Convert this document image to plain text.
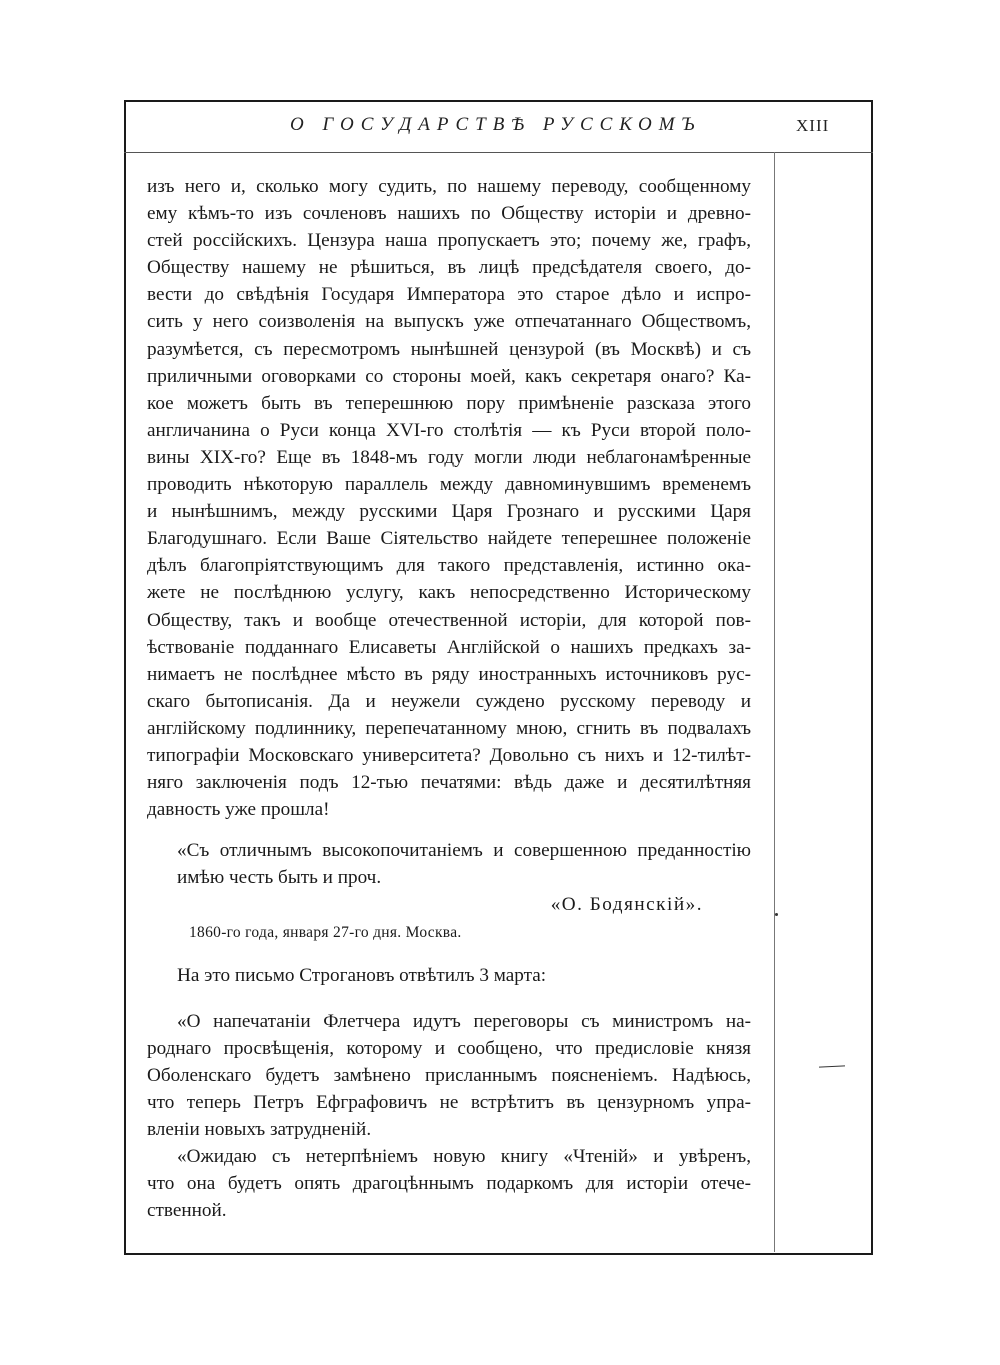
О ГОСУДАРСТВѢ РУССКОМЪ	XIII
изъ него и, сколько могу судить, по нашему переводу, сообщенному
ему кѣмъ-то изъ сочленовъ нашихъ по Обществу исторіи и древно-
стей россійскихъ. Цензура наша пропускаетъ это; почему же, графъ,
Обществу нашему не рѣшиться, въ лицѣ предсѣдателя своего, до-
вести до свѣдѣнія Государя Императора это старое дѣло и испро-
сить у него соизволенія на выпускъ уже отпечатаннаго Обществомъ,
разумѣется, съ пересмотромъ нынѣшней цензурой (въ Москвѣ) и съ
приличными оговорками со стороны моей, какъ секретаря онаго? Ка-
кое можетъ быть въ теперешнюю пору примѣненіе разсказа этого
англичанина о Руси конца XVI-го столѣтія — къ Руси второй поло-
вины XIX-го? Еще въ 1848-мъ году могли люди неблагонамѣренные
проводить нѣкоторую параллель между давноминувшимъ временемъ
и нынѣшнимъ, между русскими Царя Грознаго и русскими Царя
Благодушнаго. Если Ваше Сіятельство найдете теперешнее положеніе
дѣлъ благопріятствующимъ для такого представленія, истинно ока-
жете не послѣднюю услугу, какъ непосредственно Историческому
Обществу, такъ и вообще отечественной исторіи, для которой пов-
ѣствованіе подданнаго Елисаветы Англійской о нашихъ предкахъ за-
нимаетъ не послѣднее мѣсто въ ряду иностранныхъ источниковъ рус-
скаго бытописанія. Да и неужели суждено русскому переводу и
англійскому подлиннику, перепечатанному мною, сгнить въ подвалахъ
типографіи Московскаго университета? Довольно съ нихъ и 12-тилѣт-
няго заключенія подъ 12-тью печатями: вѣдь даже и десятилѣтняя
давность уже прошла!
«Съ отличнымъ высокопочитаніемъ и совершенною преданностію
имѣю честь быть и проч.
«О. Бодянскій».
1860-го года, января 27-го дня. Москва.
На это письмо Строгановъ отвѣтилъ 3 марта:
«О напечатаніи Флетчера идутъ переговоры съ министромъ на-
роднаго просвѣщенія, которому и сообщено, что предисловіе князя
Оболенскаго будетъ замѣнено присланнымъ поясненіемъ. Надѣюсь,
что теперь Петръ Ефграфовичъ не встрѣтитъ въ цензурномъ упра-
вленіи новыхъ затрудненій.
«Ожидаю съ нетерпѣніемъ новую книгу «Чтеній» и увѣренъ,
что она будетъ опять драгоцѣннымъ подаркомъ для исторіи отече-
ственной.
